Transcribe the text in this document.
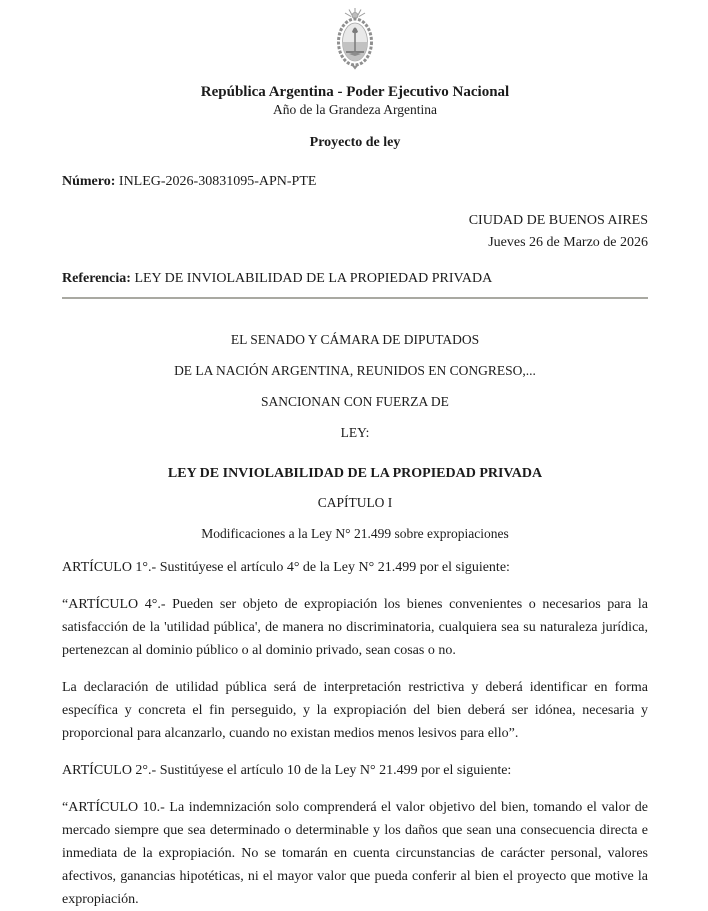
República Argentina - Poder Ejecutivo Nacional
Año de la Grandeza Argentina
Proyecto de ley
Número: INLEG-2026-30831095-APN-PTE
CIUDAD DE BUENOS AIRES
Jueves 26 de Marzo de 2026
Referencia: LEY DE INVIOLABILIDAD DE LA PROPIEDAD PRIVADA
EL SENADO Y CÁMARA DE DIPUTADOS
DE LA NACIÓN ARGENTINA, REUNIDOS EN CONGRESO,...
SANCIONAN CON FUERZA DE
LEY:
LEY DE INVIOLABILIDAD DE LA PROPIEDAD PRIVADA
CAPÍTULO I
Modificaciones a la Ley N° 21.499 sobre expropiaciones
ARTÍCULO 1°.- Sustitúyese el artículo 4° de la Ley N° 21.499 por el siguiente:
“ARTÍCULO 4°.- Pueden ser objeto de expropiación los bienes convenientes o necesarios para la satisfacción de la 'utilidad pública', de manera no discriminatoria, cualquiera sea su naturaleza jurídica, pertenezcan al dominio público o al dominio privado, sean cosas o no.
La declaración de utilidad pública será de interpretación restrictiva y deberá identificar en forma específica y concreta el fin perseguido, y la expropiación del bien deberá ser idónea, necesaria y proporcional para alcanzarlo, cuando no existan medios menos lesivos para ello”.
ARTÍCULO 2°.- Sustitúyese el artículo 10 de la Ley N° 21.499 por el siguiente:
“ARTÍCULO 10.- La indemnización solo comprenderá el valor objetivo del bien, tomando el valor de mercado siempre que sea determinado o determinable y los daños que sean una consecuencia directa e inmediata de la expropiación. No se tomarán en cuenta circunstancias de carácter personal, valores afectivos, ganancias hipotéticas, ni el mayor valor que pueda conferir al bien el proyecto que motive la expropiación.
